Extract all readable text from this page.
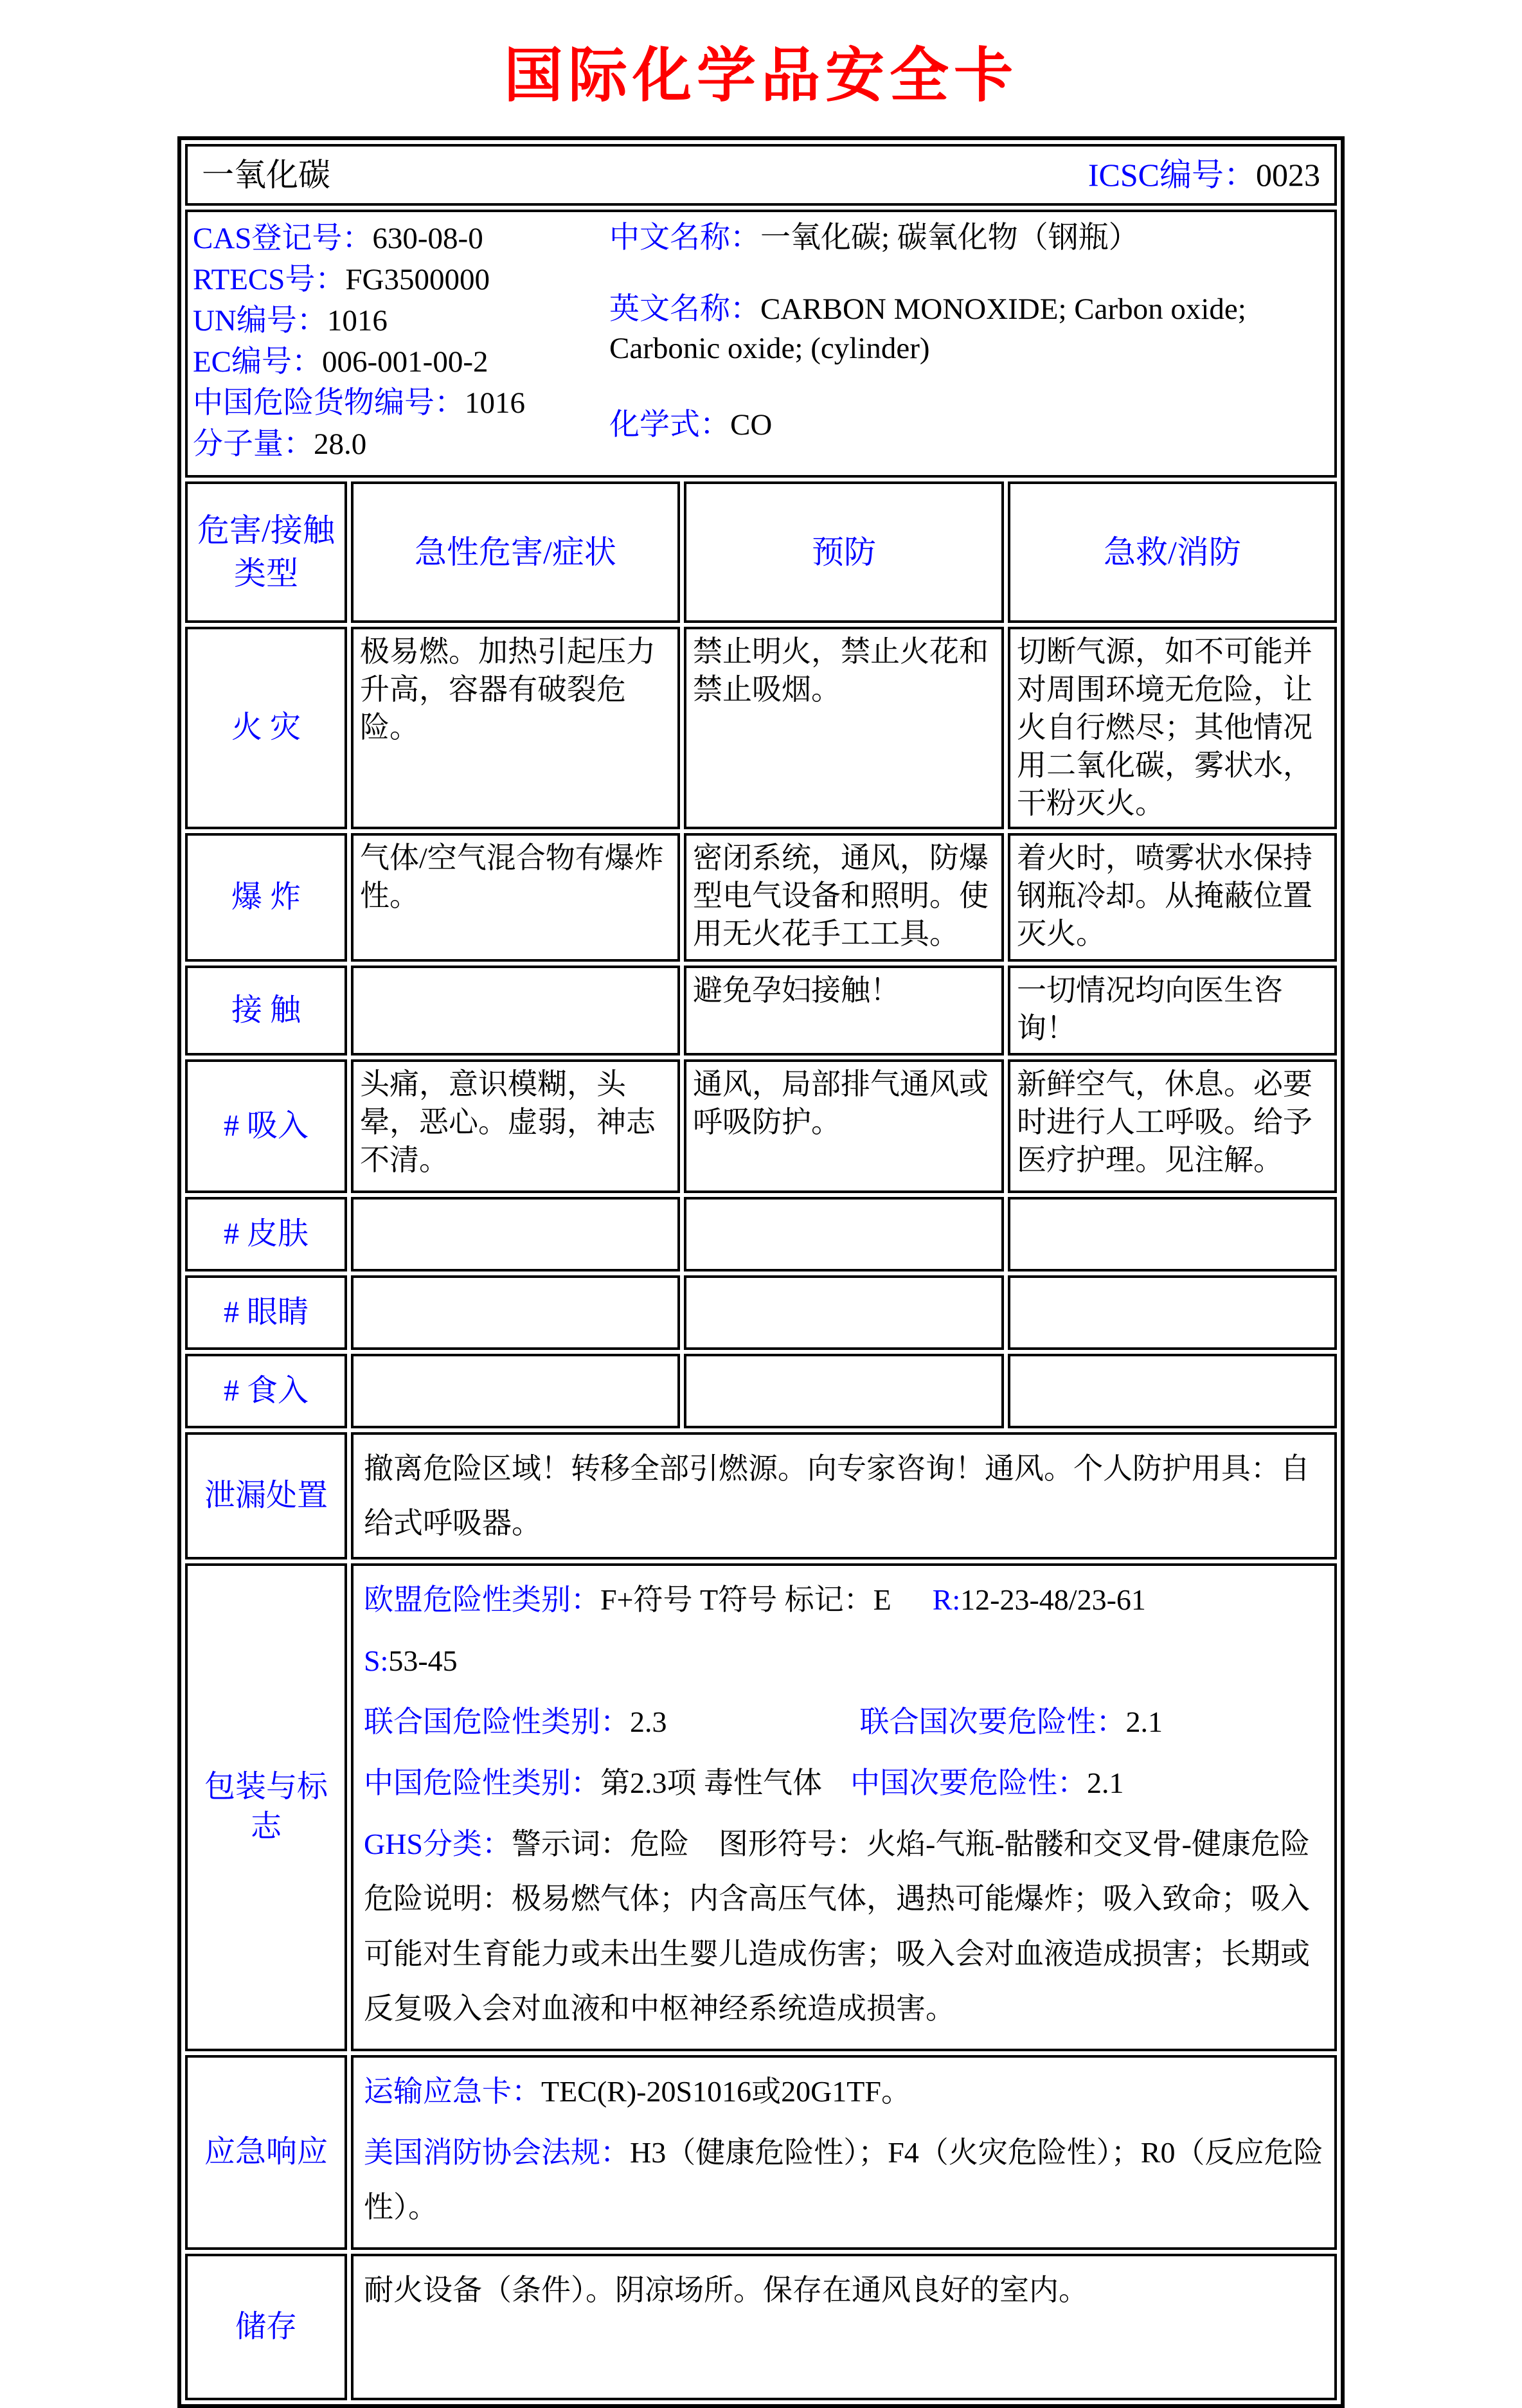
国际化学品安全卡
一氧化碳 ICSC编号：0023			

CAS登记号：630-08-0
RTECS号：FG3500000
UN编号：1016
EC编号：006-001-00-2
中国危险货物编号：1016
分子量：28.0

中文名称：一氧化碳; 碳氧化物（钢瓶）

英文名称：CARBON MONOXIDE; Carbon oxide; Carbonic oxide; (cylinder)

化学式：CO

危害/接触类型	急性危害/症状	预防	急救/消防
火 灾	极易燃。加热引起压力升高，容器有破裂危险。	禁止明火，禁止火花和禁止吸烟。	切断气源，如不可能并对周围环境无危险，让火自行燃尽；其他情况用二氧化碳，雾状水，干粉灭火。
爆 炸	气体/空气混合物有爆炸性。	密闭系统，通风，防爆型电气设备和照明。使用无火花手工工具。	着火时，喷雾状水保持钢瓶冷却。从掩蔽位置灭火。
接 触		避免孕妇接触！	一切情况均向医生咨询！
# 吸入	头痛，意识模糊，头晕，恶心。虚弱，神志不清。	通风，局部排气通风或呼吸防护。	新鲜空气，休息。必要时进行人工呼吸。给予医疗护理。见注解。
# 皮肤			
# 眼睛			
# 食入			
泄漏处置	撤离危险区域！转移全部引燃源。向专家咨询！通风。个人防护用具：自给式呼吸器。		
包装与标志	欧盟危险性类别：F+符号 T符号 标记：E R:12-23-48/23-61

S:53-45

联合国危险性类别：2.3 联合国次要危险性：2.1

中国危险性类别：第2.3项 毒性气体 中国次要危险性：2.1

GHS分类：警示词：危险　图形符号：火焰-气瓶-骷髅和交叉骨-健康危险　危险说明：极易燃气体；内含高压气体，遇热可能爆炸；吸入致命；吸入可能对生育能力或未出生婴儿造成伤害；吸入会对血液造成损害；长期或反复吸入会对血液和中枢神经系统造成损害。		

应急响应	运输应急卡：TEC(R)-20S1016或20G1TF。

美国消防协会法规：H3（健康危险性）；F4（火灾危险性）；R0（反应危险性）。		

储存	耐火设备（条件）。阴凉场所。保存在通风良好的室内。		
